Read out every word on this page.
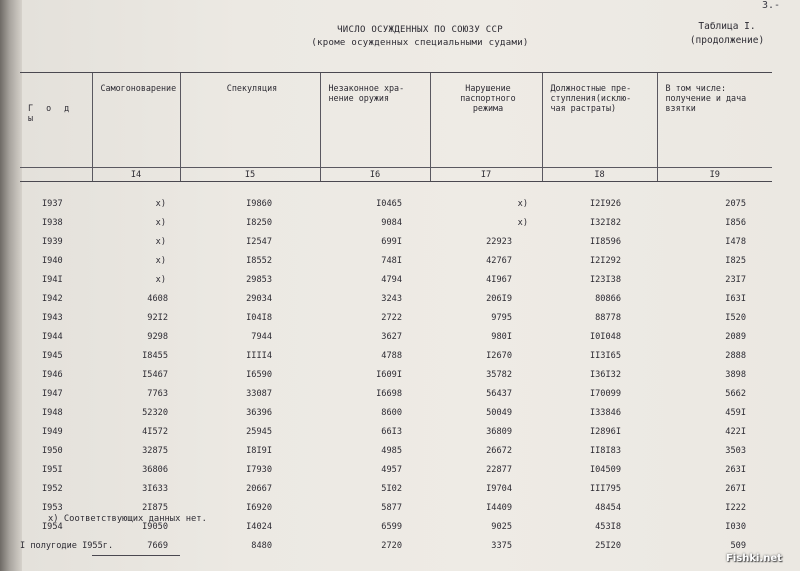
3.-
ЧИСЛО ОСУЖДЕННЫХ ПО СОЮЗУ ССР
(кроме осужденных специальными судами)
Таблица I.
(продолжение)
Г о д ы	Самогоноварение	Спекуляция	Незаконное хра-
нение оружия	Нарушение
паспортного
режима	Должностные пре-
ступления(исклю-
чая растраты)	В том числе:
получение и дача
взятки
	I4	I5	I6	I7	I8	I9
I937	x)	I9860	I0465	x)	I2I926	2075
I938	x)	I8250	9084	x)	I32I82	I856
I939	x)	I2547	699I	22923	II8596	I478
I940	x)	I8552	748I	42767	I2I292	I825
I94I	x)	29853	4794	4I967	I23I38	23I7
I942	4608	29034	3243	206I9	80866	I63I
I943	92I2	I04I8	2722	9795	88778	I520
I944	9298	7944	3627	980I	I0I048	2089
I945	I8455	IIII4	4788	I2670	II3I65	2888
I946	I5467	I6590	I609I	35782	I36I32	3898
I947	7763	33087	I6698	56437	I70099	5662
I948	52320	36396	8600	50049	I33846	459I
I949	4I572	25945	66I3	36809	I2896I	422I
I950	32875	I8I9I	4985	26672	II8I83	3503
I95I	36806	I7930	4957	22877	I04509	263I
I952	3I633	20667	5I02	I9704	III795	267I
I953	2I875	I6920	5877	I4409	48454	I222
I954	I9050	I4024	6599	9025	453I8	I030
I полугодие I955г.	7669	8480	2720	3375	25I20	509
x) Соответствующих данных нет.
Fishki.net
